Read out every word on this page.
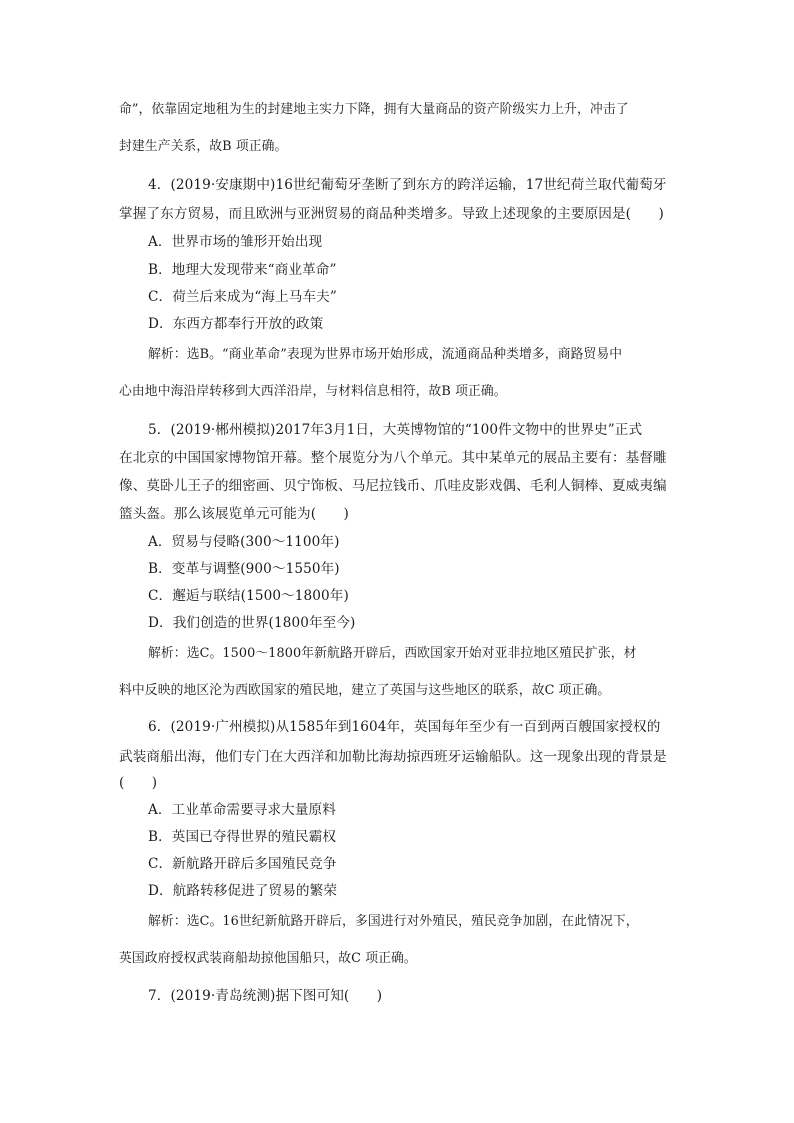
命”，依靠固定地租为生的封建地主实力下降，拥有大量商品的资产阶级实力上升，冲击了
封建生产关系，故B 项正确。
4．(2019·安康期中)16世纪葡萄牙垄断了到东方的跨洋运输，17世纪荷兰取代葡萄牙
掌握了东方贸易，而且欧洲与亚洲贸易的商品种类增多。导致上述现象的主要原因是(　　)
A．世界市场的雏形开始出现
B．地理大发现带来“商业革命”
C．荷兰后来成为“海上马车夫”
D．东西方都奉行开放的政策
解析：选B。“商业革命”表现为世界市场开始形成，流通商品种类增多，商路贸易中
心由地中海沿岸转移到大西洋沿岸，与材料信息相符，故B 项正确。
5．(2019·郴州模拟)2017年3月1日，大英博物馆的“100件文物中的世界史”正式
在北京的中国国家博物馆开幕。整个展览分为八个单元。其中某单元的展品主要有：基督雕
像、莫卧儿王子的细密画、贝宁饰板、马尼拉钱币、爪哇皮影戏偶、毛利人铜棒、夏威夷编
篮头盔。那么该展览单元可能为(　　)
A．贸易与侵略(300～1100年)
B．变革与调整(900～1550年)
C．邂逅与联结(1500～1800年)
D．我们创造的世界(1800年至今)
解析：选C。1500～1800年新航路开辟后，西欧国家开始对亚非拉地区殖民扩张，材
料中反映的地区沦为西欧国家的殖民地，建立了英国与这些地区的联系，故C 项正确。
6．(2019·广州模拟)从1585年到1604年，英国每年至少有一百到两百艘国家授权的
武装商船出海，他们专门在大西洋和加勒比海劫掠西班牙运输船队。这一现象出现的背景是
(　　)
A．工业革命需要寻求大量原料
B．英国已夺得世界的殖民霸权
C．新航路开辟后多国殖民竞争
D．航路转移促进了贸易的繁荣
解析：选C。16世纪新航路开辟后，多国进行对外殖民，殖民竞争加剧，在此情况下，
英国政府授权武装商船劫掠他国船只，故C 项正确。
7．(2019·青岛统测)据下图可知(　　)
